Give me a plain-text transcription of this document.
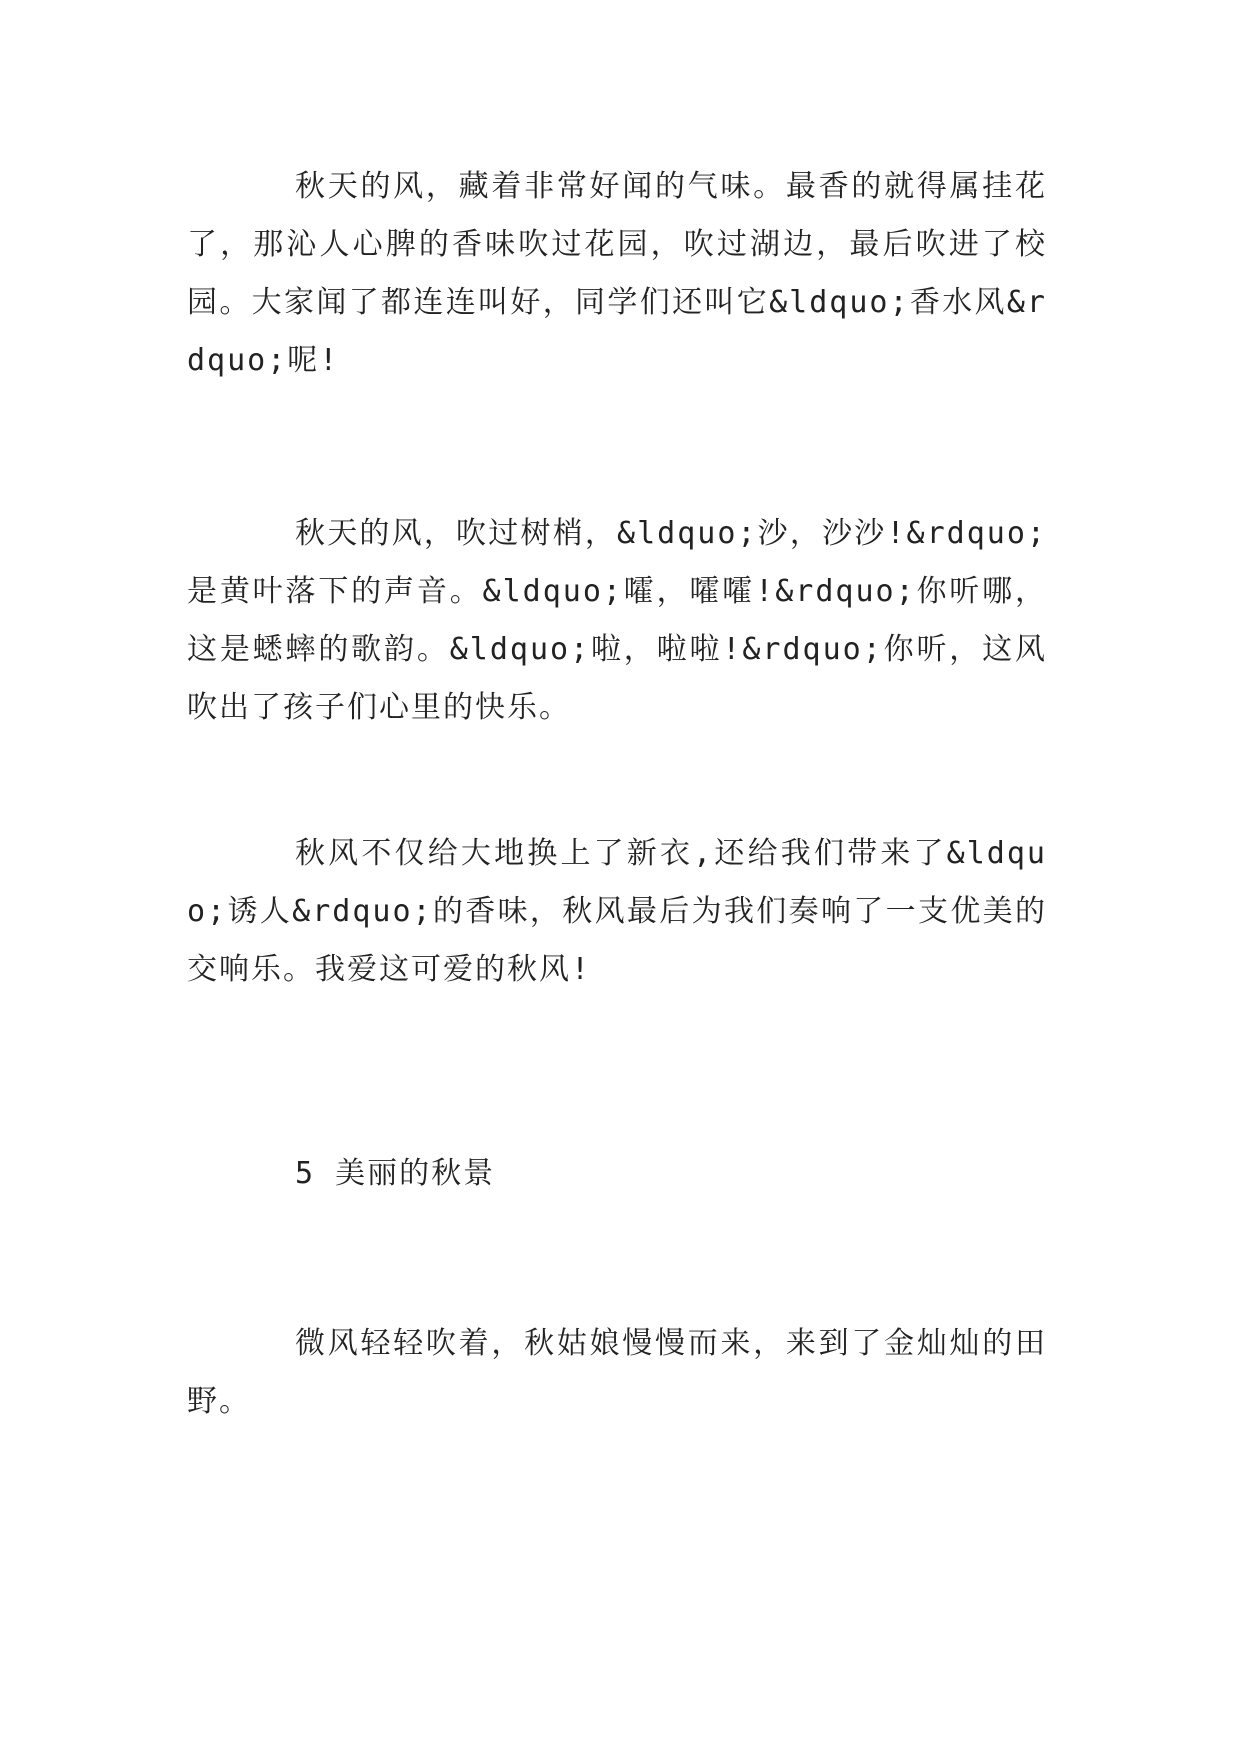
秋天的风，藏着非常好闻的气味。最香的就得属挂花了，那沁人心脾的香味吹过花园，吹过湖边，最后吹进了校园。大家闻了都连连叫好，同学们还叫它&ldquo;香水风&rdquo;呢!

秋天的风，吹过树梢，&ldquo;沙，沙沙!&rdquo;是黄叶落下的声音。&ldquo;嚯，嚯嚯!&rdquo;你听哪，这是蟋蟀的歌韵。&ldquo;啦，啦啦!&rdquo;你听，这风吹出了孩子们心里的快乐。

秋风不仅给大地换上了新衣,还给我们带来了&ldquo;诱人&rdquo;的香味，秋风最后为我们奏响了一支优美的交响乐。我爱这可爱的秋风!

5 美丽的秋景

微风轻轻吹着，秋姑娘慢慢而来，来到了金灿灿的田野。
